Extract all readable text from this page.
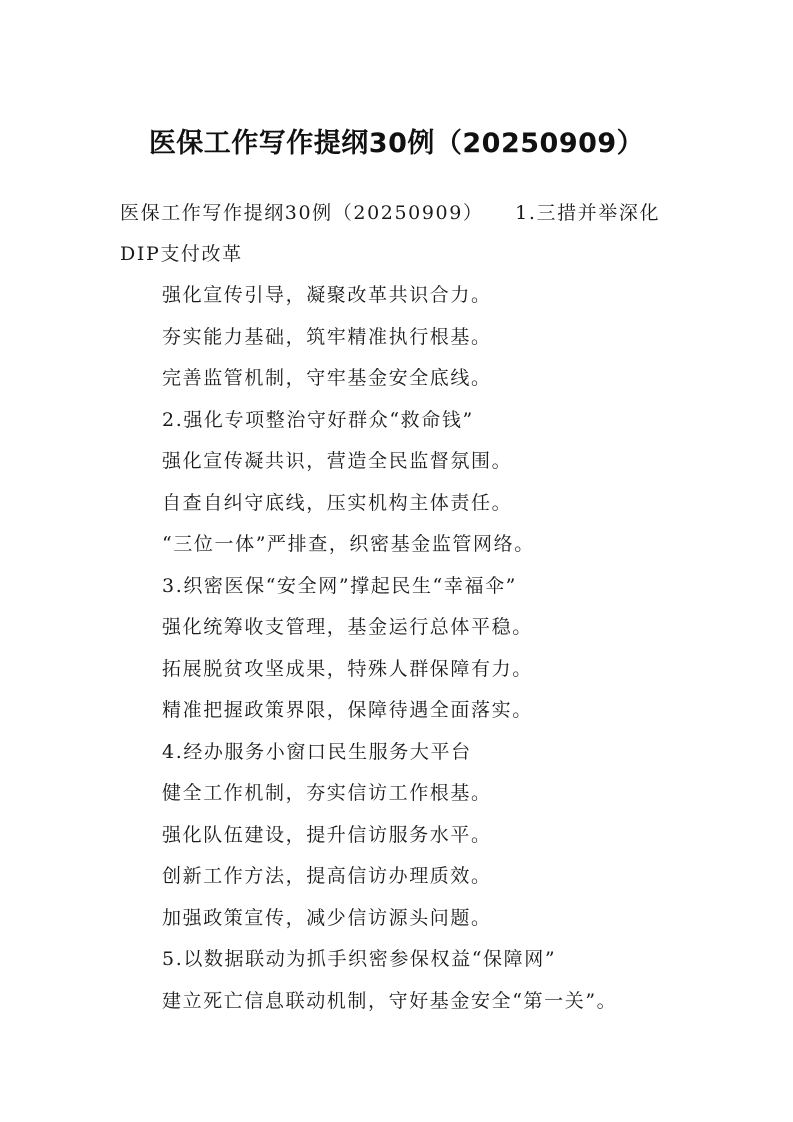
医保工作写作提纲30例（20250909）

医保工作写作提纲30例（20250909）　　1.三措并举深化DIP支付改革

强化宣传引导，凝聚改革共识合力。

夯实能力基础，筑牢精准执行根基。

完善监管机制，守牢基金安全底线。

2.强化专项整治守好群众“救命钱”

强化宣传凝共识，营造全民监督氛围。

自查自纠守底线，压实机构主体责任。

“三位一体”严排查，织密基金监管网络。

3.织密医保“安全网”撑起民生“幸福伞”

强化统筹收支管理，基金运行总体平稳。

拓展脱贫攻坚成果，特殊人群保障有力。

精准把握政策界限，保障待遇全面落实。

4.经办服务小窗口民生服务大平台

健全工作机制，夯实信访工作根基。

强化队伍建设，提升信访服务水平。

创新工作方法，提高信访办理质效。

加强政策宣传，减少信访源头问题。

5.以数据联动为抓手织密参保权益“保障网”

建立死亡信息联动机制，守好基金安全“第一关”。
